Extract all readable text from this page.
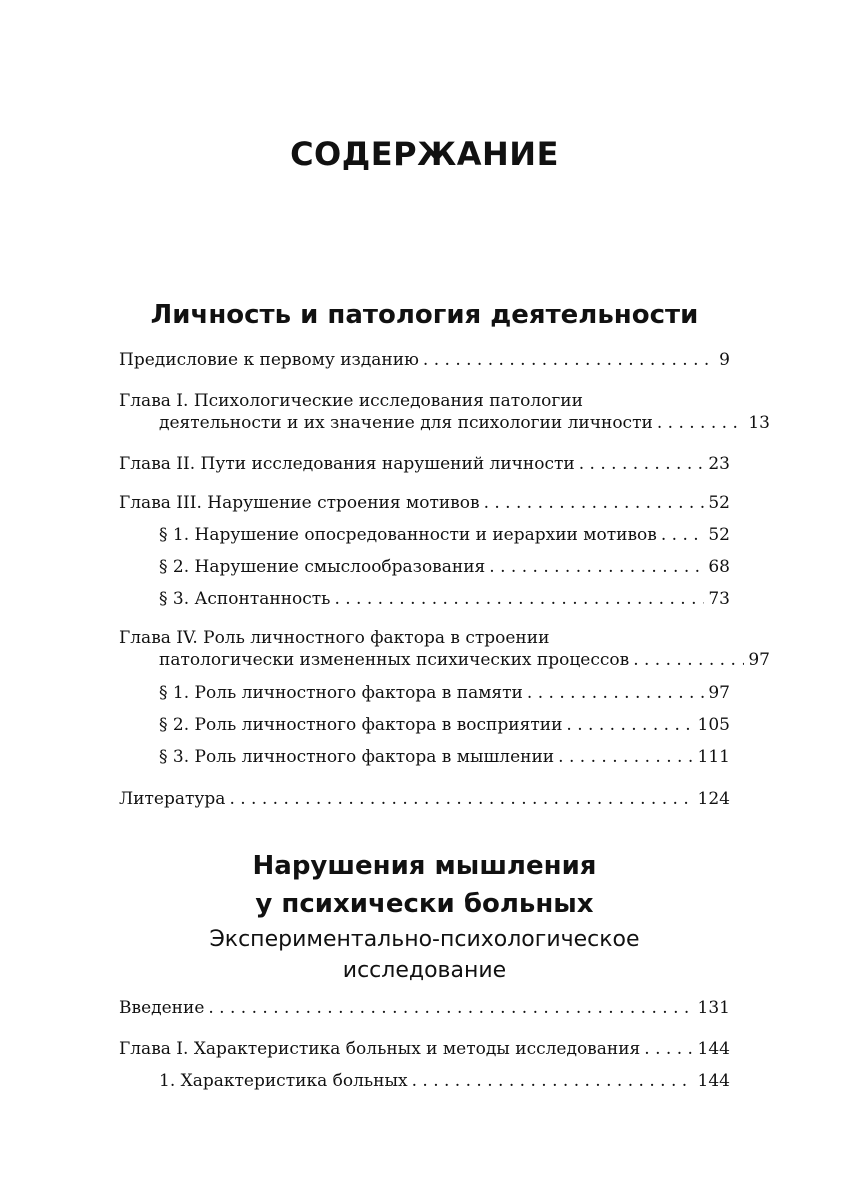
СОДЕРЖАНИЕ
Личность и патология деятельности
Предисловие к первому изданию . . .	9
Глава I. Психологические исследования патологии
деятельности и их значение для психологии личности . . .	13
Глава II. Пути исследования нарушений личности . . .	23
Глава III. Нарушение строения мотивов . . .	52
§ 1. Нарушение опосредованности и иерархии мотивов . . .	52
§ 2. Нарушение смыслообразования . . .	68
§ 3. Аспонтанность . . .	73
Глава IV. Роль личностного фактора в строении
патологически измененных психических процессов . . .	97
§ 1. Роль личностного фактора в памяти . . .	97
§ 2. Роль личностного фактора в восприятии . . .	105
§ 3. Роль личностного фактора в мышлении . . .	111
Литература . . .	124
Нарушения мышления
у психически больных
Экспериментально-психологическое
исследование
Введение . . .	131
Глава I. Характеристика больных и методы исследования . . .	144
1. Характеристика больных . . .	144
